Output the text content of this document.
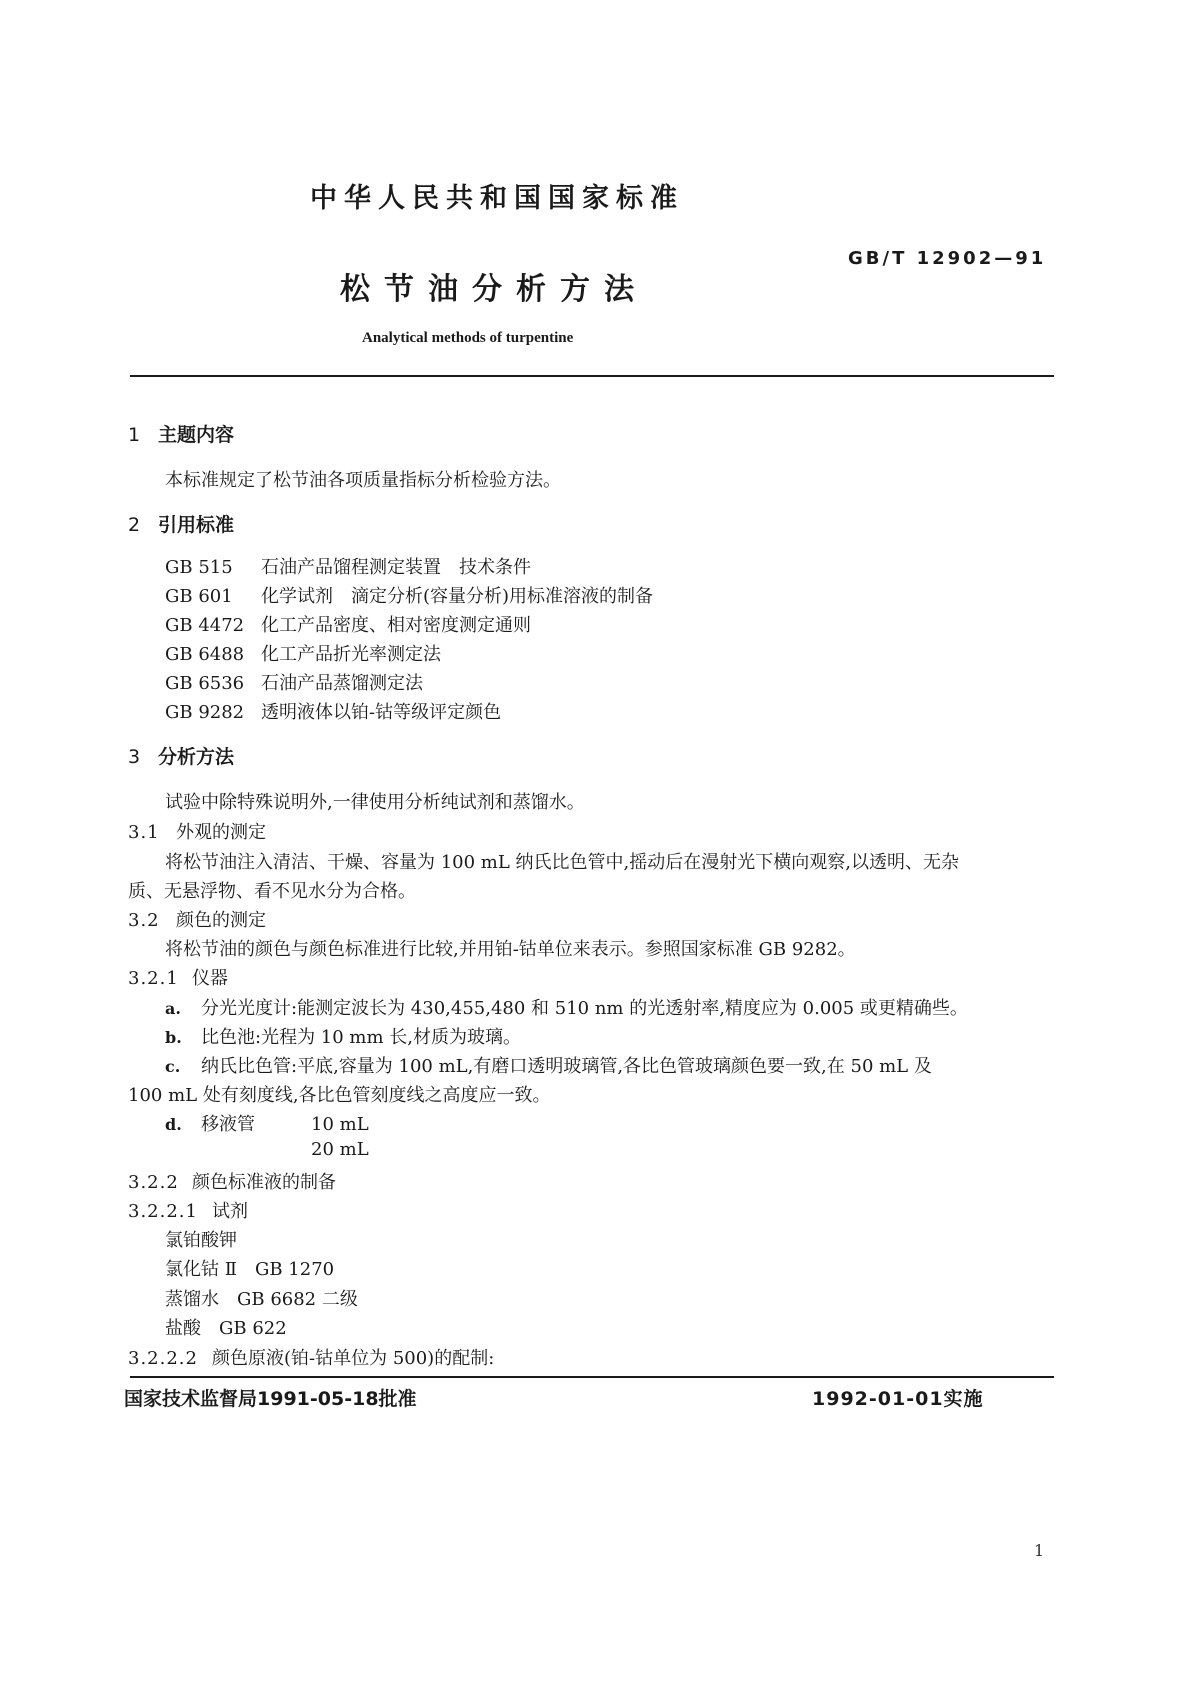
中华人民共和国国家标准
GB/T 12902—91
松节油分析方法
Analytical methods of turpentine
1 主题内容
本标准规定了松节油各项质量指标分析检验方法。
2 引用标准
GB 515 石油产品馏程测定装置　技术条件
GB 601 化学试剂　滴定分析(容量分析)用标准溶液的制备
GB 4472 化工产品密度、相对密度测定通则
GB 6488 化工产品折光率测定法
GB 6536 石油产品蒸馏测定法
GB 9282 透明液体以铂-钴等级评定颜色
3 分析方法
试验中除特殊说明外,一律使用分析纯试剂和蒸馏水。
3.1 外观的测定
将松节油注入清洁、干燥、容量为 100 mL 纳氏比色管中,摇动后在漫射光下横向观察,以透明、无杂
质、无悬浮物、看不见水分为合格。
3.2 颜色的测定
将松节油的颜色与颜色标准进行比较,并用铂-钴单位来表示。参照国家标准 GB 9282。
3.2.1 仪器
a. 分光光度计:能测定波长为 430,455,480 和 510 nm 的光透射率,精度应为 0.005 或更精确些。
b. 比色池:光程为 10 mm 长,材质为玻璃。
c. 纳氏比色管:平底,容量为 100 mL,有磨口透明玻璃管,各比色管玻璃颜色要一致,在 50 mL 及
100 mL 处有刻度线,各比色管刻度线之高度应一致。
d. 移液管	10 mL
20 mL
3.2.2 颜色标准液的制备
3.2.2.1 试剂
氯铂酸钾
氯化钴 Ⅱ　GB 1270
蒸馏水　GB 6682 二级
盐酸　GB 622
3.2.2.2 颜色原液(铂-钴单位为 500)的配制:
国家技术监督局1991-05-18批准	1992-01-01实施
1
